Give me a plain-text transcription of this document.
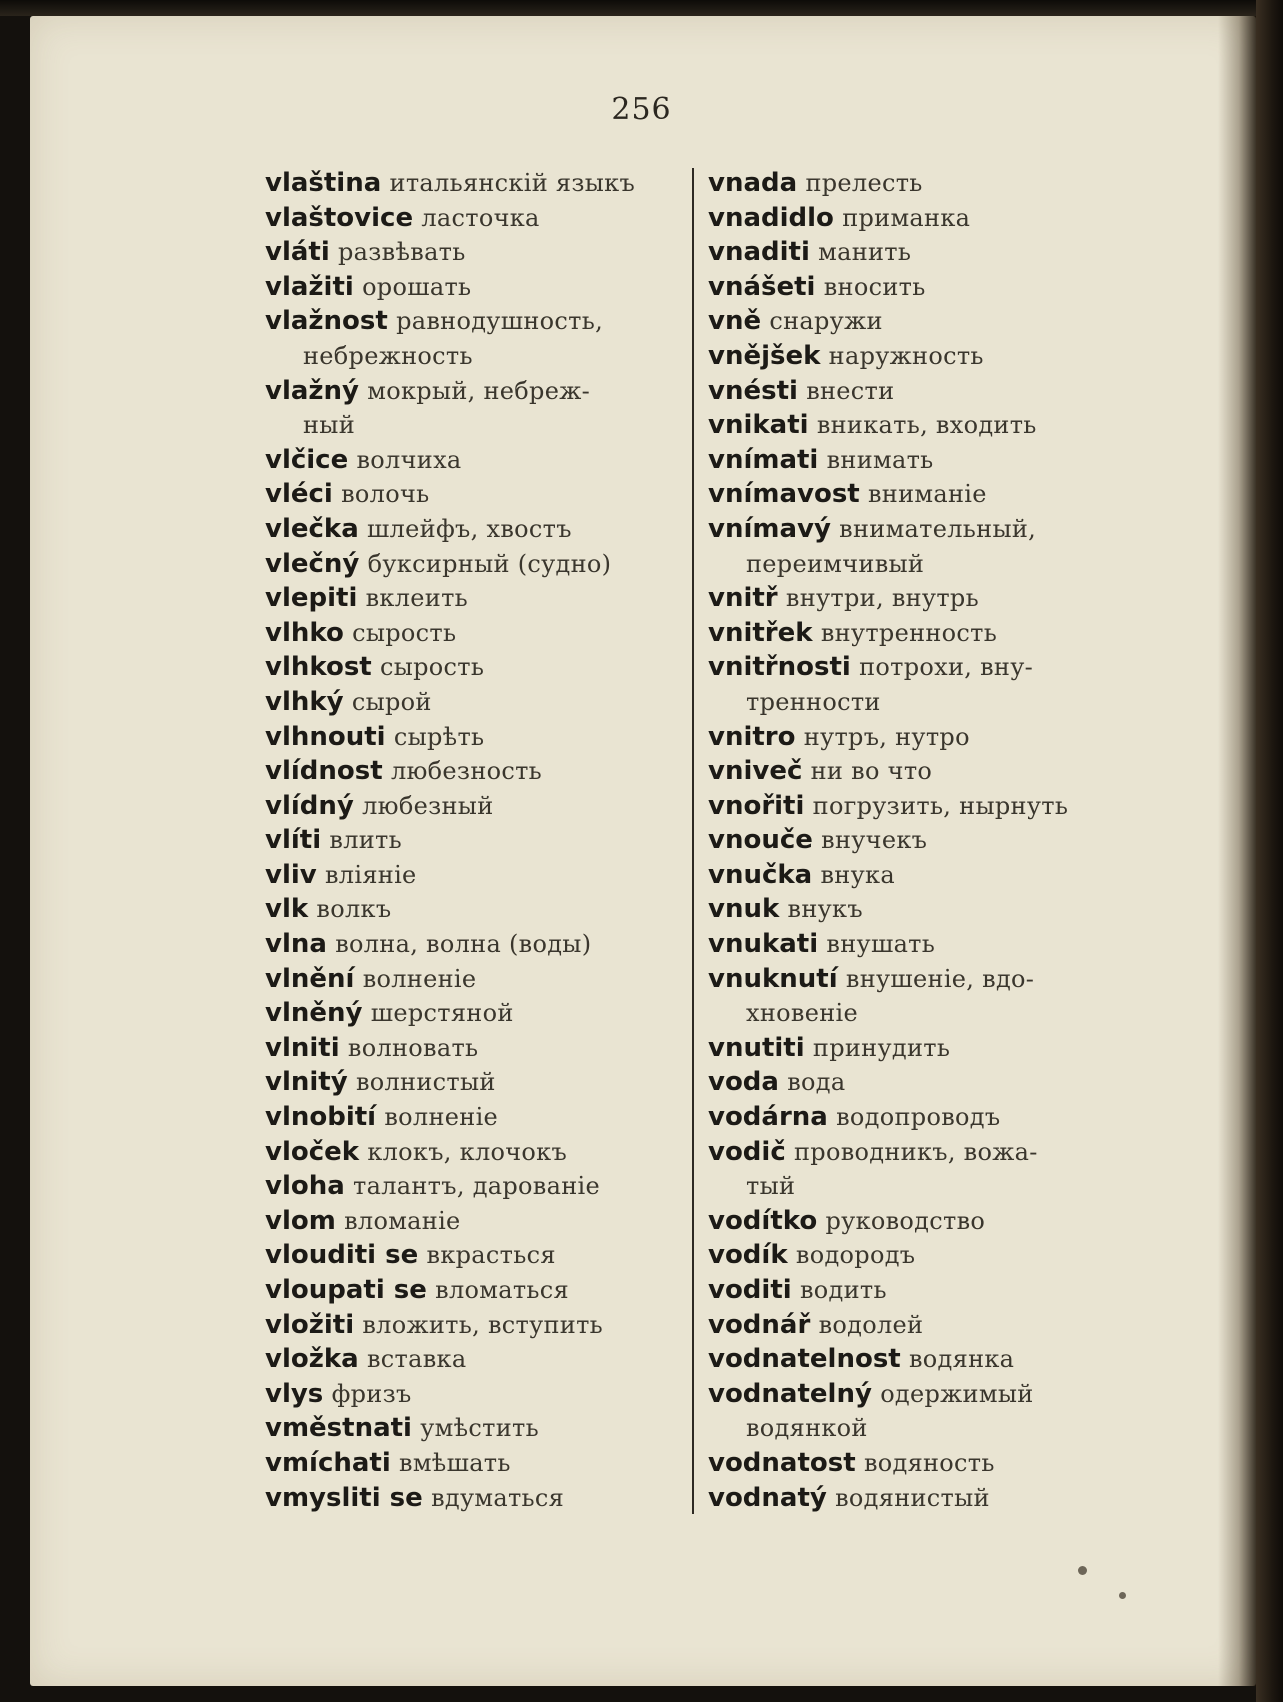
256
vlaština итальянскій языкъ
vlaštovice ласточка
vláti развѣвать
vlažiti орошать
vlažnost равнодушность,
небрежность
vlažný мокрый, небреж-
ный
vlčice волчиха
vléci волочь
vlečka шлейфъ, хвостъ
vlečný буксирный (судно)
vlepiti вклеить
vlhko сырость
vlhkost сырость
vlhký сырой
vlhnouti сырѣть
vlídnost любезность
vlídný любезный
vlíti влить
vliv вліяніе
vlk волкъ
vlna волна, волна (воды)
vlnění волненіе
vlněný шерстяной
vlniti волновать
vlnitý волнистый
vlnobití волненіе
vloček клокъ, клочокъ
vloha талантъ, дарованіе
vlom вломаніе
vlouditi se вкрасться
vloupati se вломаться
vložiti вложить, вступить
vložka вставка
vlys фризъ
vměstnati умѣстить
vmíchati вмѣшать
vmysliti se вдуматься
vnada прелесть
vnadidlo приманка
vnaditi манить
vnášeti вносить
vně снаружи
vnějšek наружность
vnésti внести
vnikati вникать, входить
vnímati внимать
vnímavost вниманіе
vnímavý внимательный,
переимчивый
vnitř внутри, внутрь
vnitřek внутренность
vnitřnosti потрохи, вну-
тренности
vnitro нутръ, нутро
vniveč ни во что
vnořiti погрузить, нырнуть
vnouče внучекъ
vnučka внука
vnuk внукъ
vnukati внушать
vnuknutí внушеніе, вдо-
хновеніе
vnutiti принудить
voda вода
vodárna водопроводъ
vodič проводникъ, вожа-
тый
vodítko руководство
vodík водородъ
voditi водить
vodnář водолей
vodnatelnost водянка
vodnatelný одержимый
водянкой
vodnatost водяность
vodnatý водянистый
